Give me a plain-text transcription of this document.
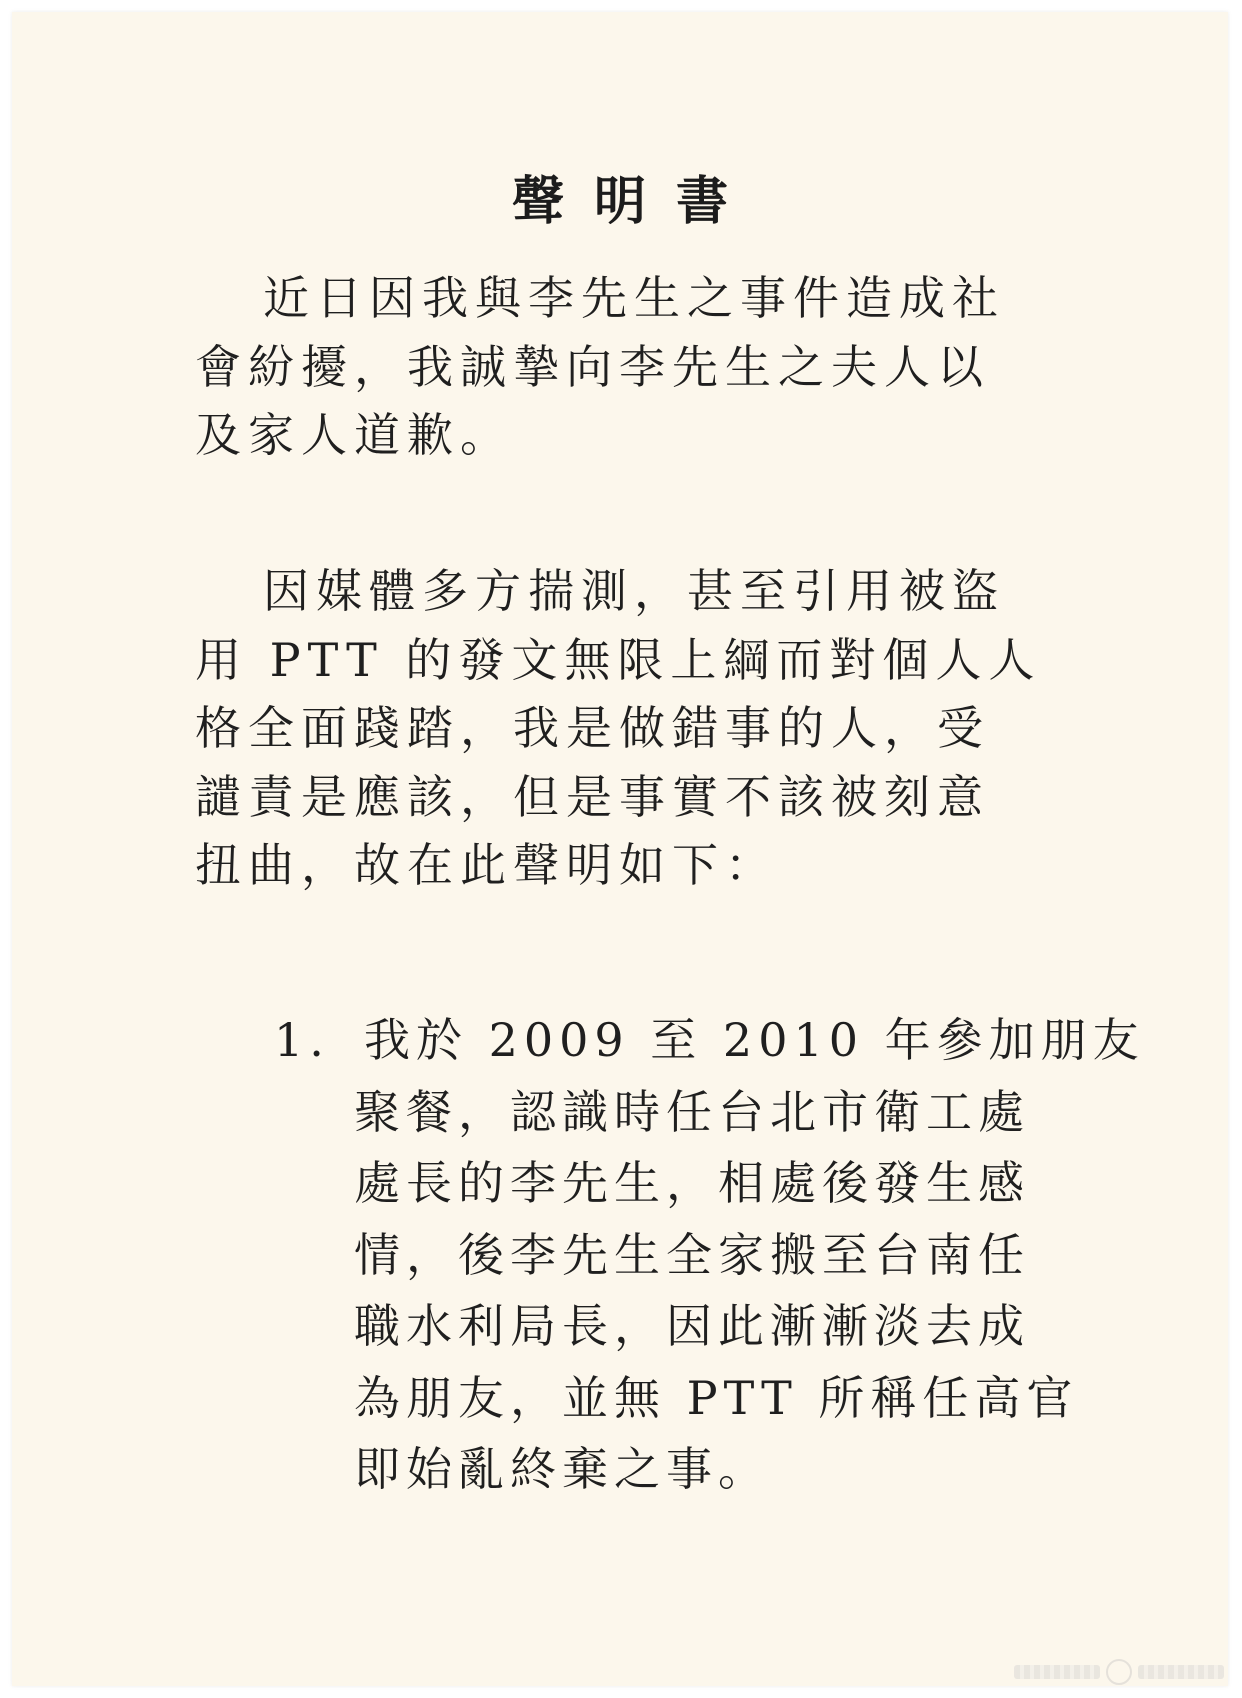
聲明書

近日因我與李先生之事件造成社
會紛擾，我誠摯向李先生之夫人以
及家人道歉。

因媒體多方揣測，甚至引用被盜
用 PTT 的發文無限上綱而對個人人
格全面踐踏，我是做錯事的人，受
譴責是應該，但是事實不該被刻意
扭曲，故在此聲明如下：

1. 我於 2009 至 2010 年參加朋友
聚餐，認識時任台北市衛工處
處長的李先生，相處後發生感
情，後李先生全家搬至台南任
職水利局長，因此漸漸淡去成
為朋友，並無 PTT 所稱任高官
即始亂終棄之事。
